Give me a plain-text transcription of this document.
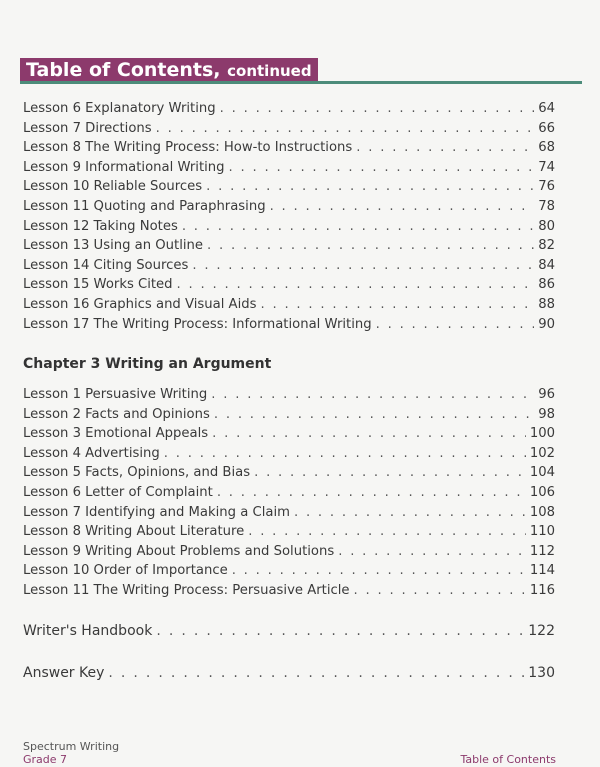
Table of Contents, continued
Lesson 6 Explanatory Writing . . .	64
Lesson 7 Directions . . .	66
Lesson 8 The Writing Process: How-to Instructions . . .	68
Lesson 9 Informational Writing . . .	74
Lesson 10 Reliable Sources . . .	76
Lesson 11 Quoting and Paraphrasing . . .	78
Lesson 12 Taking Notes . . .	80
Lesson 13 Using an Outline . . .	82
Lesson 14 Citing Sources . . .	84
Lesson 15 Works Cited . . .	86
Lesson 16 Graphics and Visual Aids . . .	88
Lesson 17 The Writing Process: Informational Writing . . .	90
Chapter 3 Writing an Argument
Lesson 1 Persuasive Writing . . .	96
Lesson 2 Facts and Opinions . . .	98
Lesson 3 Emotional Appeals . . .	100
Lesson 4 Advertising . . .	102
Lesson 5 Facts, Opinions, and Bias . . .	104
Lesson 6 Letter of Complaint . . .	106
Lesson 7 Identifying and Making a Claim . . .	108
Lesson 8 Writing About Literature . . .	110
Lesson 9 Writing About Problems and Solutions . . .	112
Lesson 10 Order of Importance . . .	114
Lesson 11 The Writing Process: Persuasive Article . . .	116
Writer's Handbook . . .	122
Answer Key . . .	130
Spectrum Writing
Grade 7	Table of Contents
